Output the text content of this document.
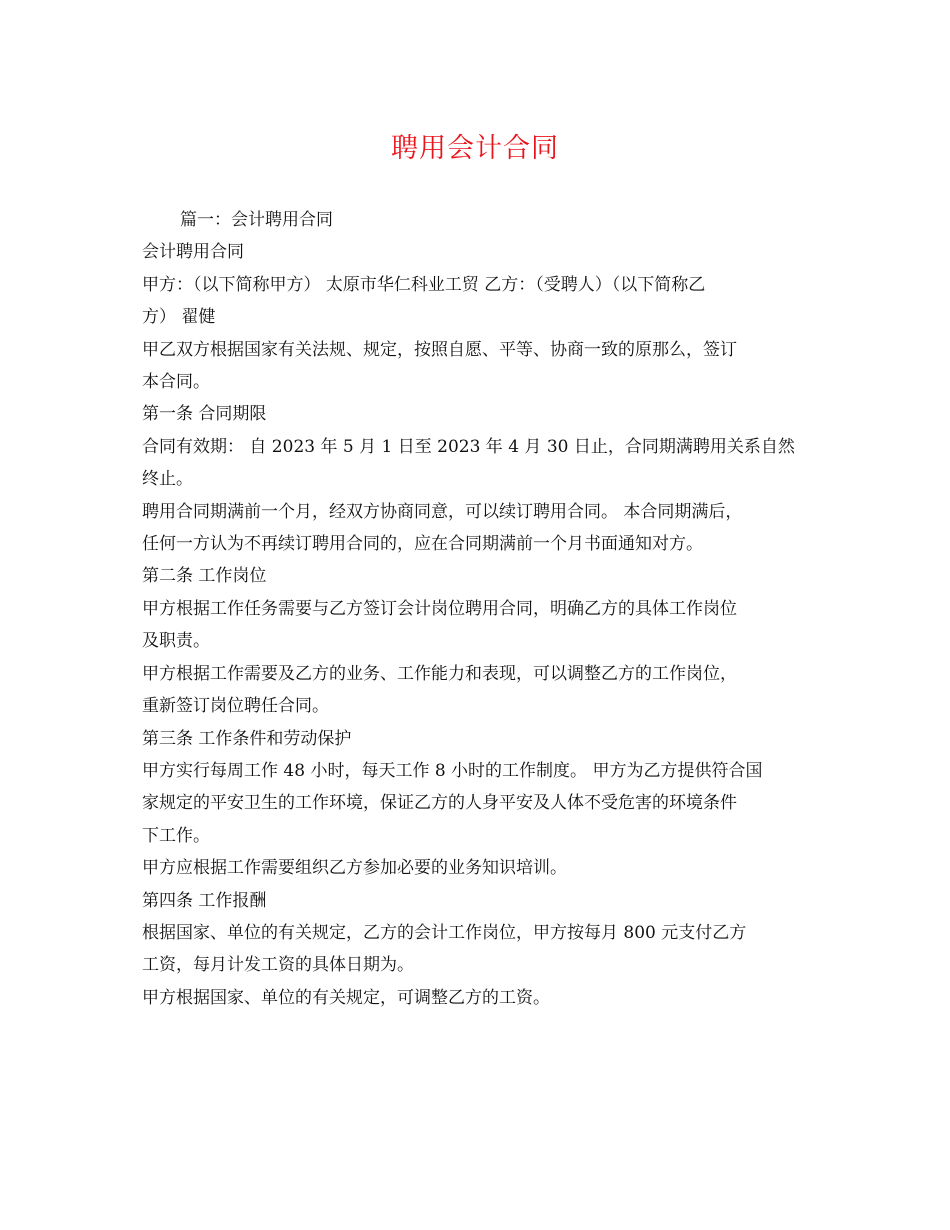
聘用会计合同

篇一：会计聘用合同

会计聘用合同

甲方：（以下简称甲方） 太原市华仁科业工贸 乙方：（受聘人）（以下简称乙

方） 翟健

甲乙双方根据国家有关法规、规定，按照自愿、平等、协商一致的原那么，签订

本合同。

第一条 合同期限

合同有效期： 自 2023 年 5 月 1 日至 2023 年 4 月 30 日止，合同期满聘用关系自然

终止。

聘用合同期满前一个月，经双方协商同意，可以续订聘用合同。 本合同期满后，

任何一方认为不再续订聘用合同的，应在合同期满前一个月书面通知对方。

第二条 工作岗位

甲方根据工作任务需要与乙方签订会计岗位聘用合同，明确乙方的具体工作岗位

及职责。

甲方根据工作需要及乙方的业务、工作能力和表现，可以调整乙方的工作岗位，

重新签订岗位聘任合同。

第三条 工作条件和劳动保护

甲方实行每周工作 48 小时，每天工作 8 小时的工作制度。 甲方为乙方提供符合国

家规定的平安卫生的工作环境，保证乙方的人身平安及人体不受危害的环境条件

下工作。

甲方应根据工作需要组织乙方参加必要的业务知识培训。

第四条 工作报酬

根据国家、单位的有关规定，乙方的会计工作岗位，甲方按每月 800 元支付乙方

工资，每月计发工资的具体日期为。

甲方根据国家、单位的有关规定，可调整乙方的工资。
